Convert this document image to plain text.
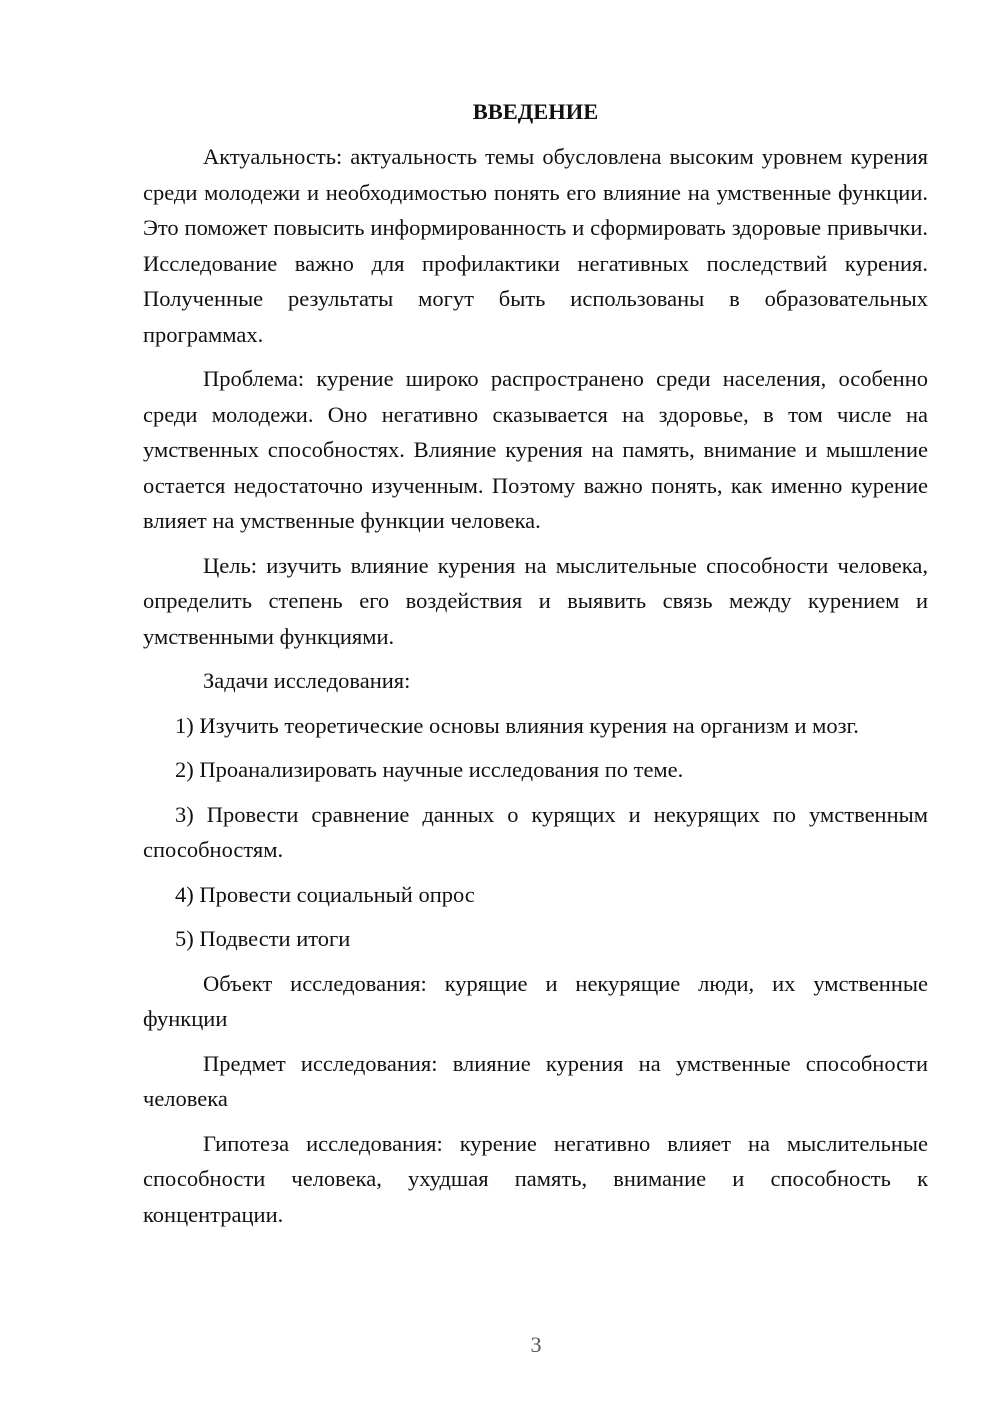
ВВЕДЕНИЕ

Актуальность: актуальность темы обусловлена высоким уровнем курения среди молодежи и необходимостью понять его влияние на умственные функции. Это поможет повысить информированность и сформировать здоровые привычки. Исследование важно для профилактики негативных последствий курения. Полученные результаты могут быть использованы в образовательных программах.

Проблема: курение широко распространено среди населения, особенно среди молодежи. Оно негативно сказывается на здоровье, в том числе на умственных способностях. Влияние курения на память, внимание и мышление остается недостаточно изученным. Поэтому важно понять, как именно курение влияет на умственные функции человека.

Цель: изучить влияние курения на мыслительные способности человека, определить степень его воздействия и выявить связь между курением и умственными функциями.

Задачи исследования:

1) Изучить теоретические основы влияния курения на организм и мозг.

2) Проанализировать научные исследования по теме.

3) Провести сравнение данных о курящих и некурящих по умственным способностям.

4) Провести социальный опрос

5) Подвести итоги

Объект исследования: курящие и некурящие люди, их умственные функции

Предмет исследования: влияние курения на умственные способности человека

Гипотеза исследования: курение негативно влияет на мыслительные способности человека, ухудшая память, внимание и способность к концентрации.

3
